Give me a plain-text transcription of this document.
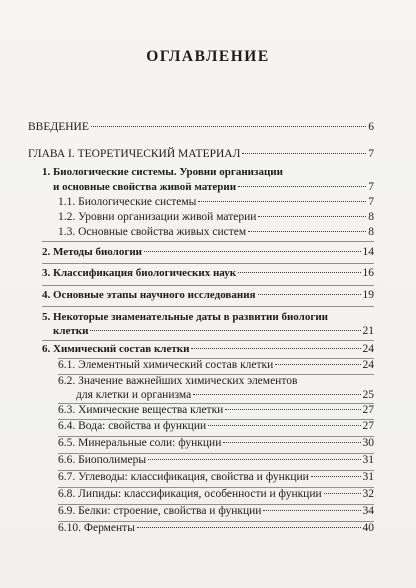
ОГЛАВЛЕНИЕ
ВВЕДЕНИЕ	6
ГЛАВА I. ТЕОРЕТИЧЕСКИЙ МАТЕРИАЛ	7
1. Биологические системы. Уровни организации
и основные свойства живой материи	7
1.1. Биологические системы	7
1.2. Уровни организации живой материи	8
1.3. Основные свойства живых систем	8
2. Методы биологии	14
3. Классификация биологических наук	16
4. Основные этапы научного исследования	19
5. Некоторые знаменательные даты в развитии биологии
клетки	21
6. Химический состав клетки	24
6.1. Элементный химический состав клетки	24
6.2. Значение важнейших химических элементов
для клетки и организма	25
6.3. Химические вещества клетки	27
6.4. Вода: свойства и функции	27
6.5. Минеральные соли: функции	30
6.6. Биополимеры	31
6.7. Углеводы: классификация, свойства и функции	31
6.8. Липиды: классификация, особенности и функции	32
6.9. Белки: строение, свойства и функции	34
6.10. Ферменты	40
